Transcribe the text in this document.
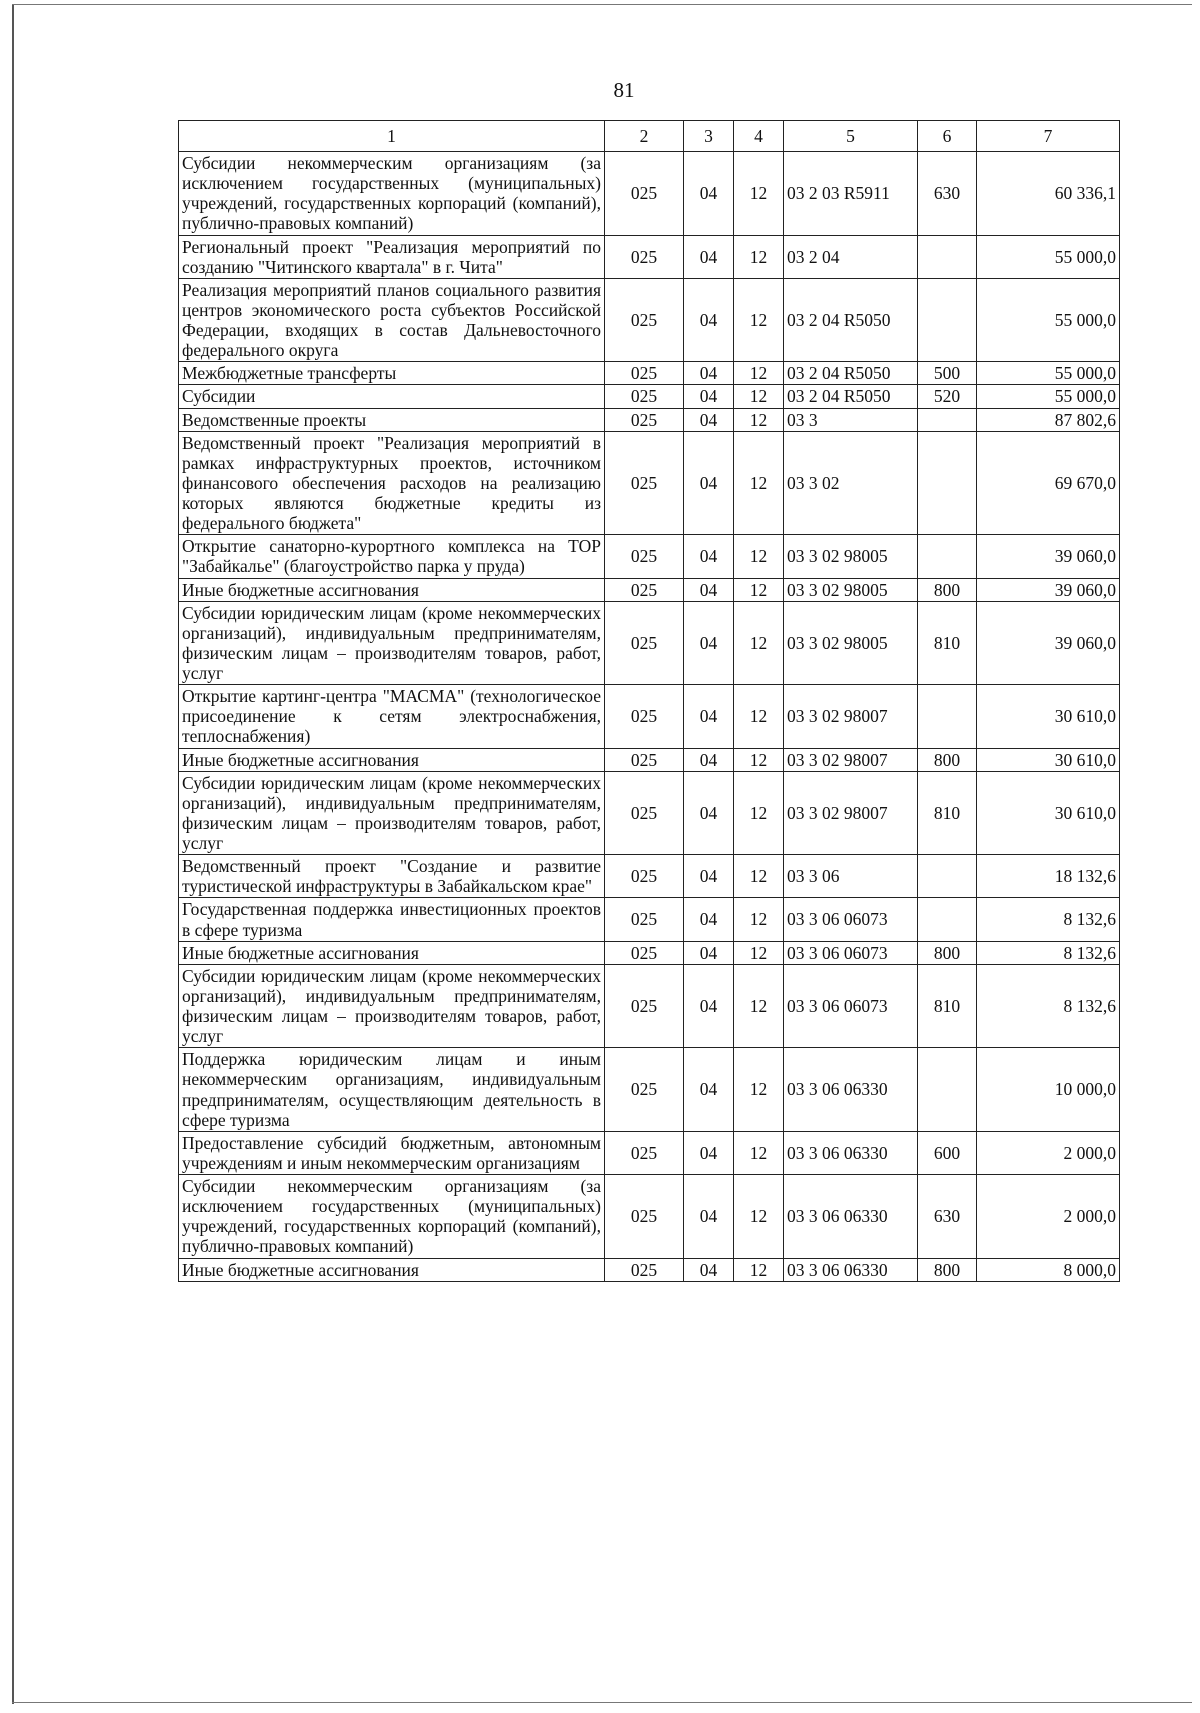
81
1	2	3	4	5	6	7
Субсидии некоммерческим организациям (за исключением государственных (муниципальных) учреждений, государственных корпораций (компаний), публично-правовых компаний)	025	04	12	03 2 03 R5911	630	60 336,1
Региональный проект "Реализация мероприятий по созданию "Читинского квартала" в г. Чита"	025	04	12	03 2 04		55 000,0
Реализация мероприятий планов социального развития центров экономического роста субъектов Российской Федерации, входящих в состав Дальневосточного федерального округа	025	04	12	03 2 04 R5050		55 000,0
Межбюджетные трансферты	025	04	12	03 2 04 R5050	500	55 000,0
Субсидии	025	04	12	03 2 04 R5050	520	55 000,0
Ведомственные проекты	025	04	12	03 3		87 802,6
Ведомственный проект "Реализация мероприятий в рамках инфраструктурных проектов, источником финансового обеспечения расходов на реализацию которых являются бюджетные кредиты из федерального бюджета"	025	04	12	03 3 02		69 670,0
Открытие санаторно-курортного комплекса на ТОР "Забайкалье" (благоустройство парка у пруда)	025	04	12	03 3 02 98005		39 060,0
Иные бюджетные ассигнования	025	04	12	03 3 02 98005	800	39 060,0
Субсидии юридическим лицам (кроме некоммерческих организаций), индивидуальным предпринимателям, физическим лицам – производителям товаров, работ, услуг	025	04	12	03 3 02 98005	810	39 060,0
Открытие картинг-центра "МАСМА" (технологическое присоединение к сетям электроснабжения, теплоснабжения)	025	04	12	03 3 02 98007		30 610,0
Иные бюджетные ассигнования	025	04	12	03 3 02 98007	800	30 610,0
Субсидии юридическим лицам (кроме некоммерческих организаций), индивидуальным предпринимателям, физическим лицам – производителям товаров, работ, услуг	025	04	12	03 3 02 98007	810	30 610,0
Ведомственный проект "Создание и развитие туристической инфраструктуры в Забайкальском крае"	025	04	12	03 3 06		18 132,6
Государственная поддержка инвестиционных проектов в сфере туризма	025	04	12	03 3 06 06073		8 132,6
Иные бюджетные ассигнования	025	04	12	03 3 06 06073	800	8 132,6
Субсидии юридическим лицам (кроме некоммерческих организаций), индивидуальным предпринимателям, физическим лицам – производителям товаров, работ, услуг	025	04	12	03 3 06 06073	810	8 132,6
Поддержка юридическим лицам и иным некоммерческим организациям, индивидуальным предпринимателям, осуществляющим деятельность в сфере туризма	025	04	12	03 3 06 06330		10 000,0
Предоставление субсидий бюджетным, автономным учреждениям и иным некоммерческим организациям	025	04	12	03 3 06 06330	600	2 000,0
Субсидии некоммерческим организациям (за исключением государственных (муниципальных) учреждений, государственных корпораций (компаний), публично-правовых компаний)	025	04	12	03 3 06 06330	630	2 000,0
Иные бюджетные ассигнования	025	04	12	03 3 06 06330	800	8 000,0
